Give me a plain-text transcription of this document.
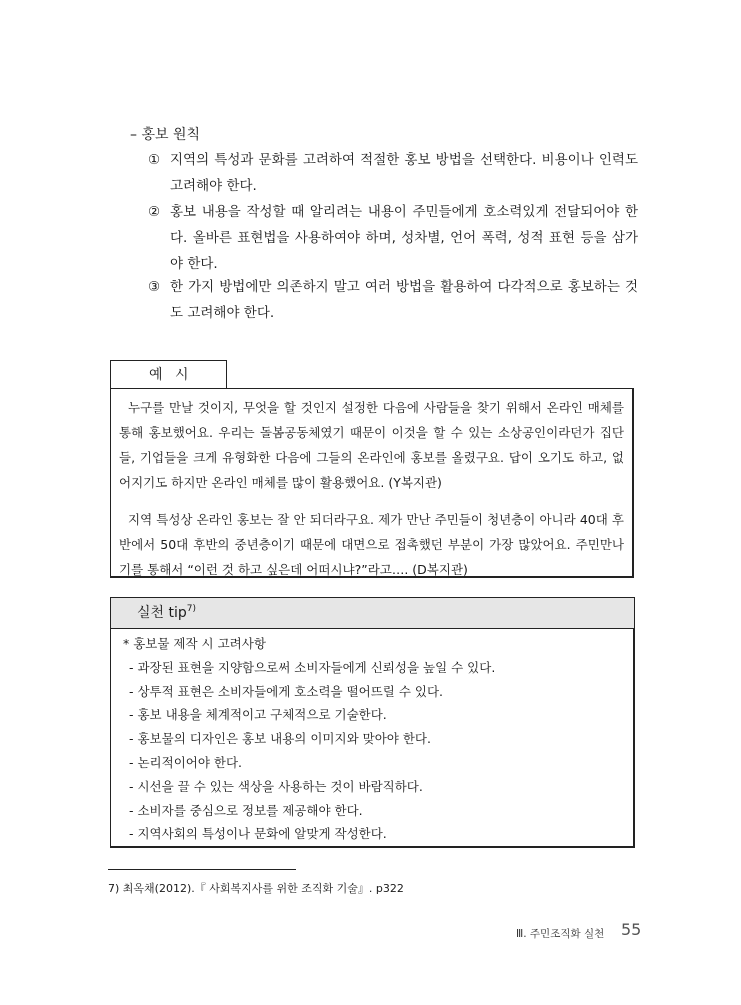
– 홍보 원칙
① 지역의 특성과 문화를 고려하여 적절한 홍보 방법을 선택한다. 비용이나 인력도 고려해야 한다.
② 홍보 내용을 작성할 때 알리려는 내용이 주민들에게 호소력있게 전달되어야 한다. 올바른 표현법을 사용하여야 하며, 성차별, 언어 폭력, 성적 표현 등을 삼가야 한다.
③ 한 가지 방법에만 의존하지 말고 여러 방법을 활용하여 다각적으로 홍보하는 것도 고려해야 한다.
예 시

누구를 만날 것이지, 무엇을 할 것인지 설정한 다음에 사람들을 찾기 위해서 온라인 매체를 통해 홍보했어요. 우리는 돌봄공동체였기 때문이 이것을 할 수 있는 소상공인이라던가 집단들, 기업들을 크게 유형화한 다음에 그들의 온라인에 홍보를 올렸구요. 답이 오기도 하고, 없어지기도 하지만 온라인 매체를 많이 활용했어요. (Y복지관)

지역 특성상 온라인 홍보는 잘 안 되더라구요. 제가 만난 주민들이 청년층이 아니라 40대 후반에서 50대 후반의 중년층이기 때문에 대면으로 접촉했던 부분이 가장 많았어요. 주민만나기를 통해서 “이런 것 하고 싶은데 어떠시냐?”라고…. (D복지관)

실천 tip$^{7)}$
* 홍보물 제작 시 고려사항
- 과장된 표현을 지양함으로써 소비자들에게 신뢰성을 높일 수 있다.
- 상투적 표현은 소비자들에게 호소력을 떨어뜨릴 수 있다.
- 홍보 내용을 체계적이고 구체적으로 기술한다.
- 홍보물의 디자인은 홍보 내용의 이미지와 맞아야 한다.
- 논리적이어야 한다.
- 시선을 끌 수 있는 색상을 사용하는 것이 바람직하다.
- 소비자를 중심으로 정보를 제공해야 한다.
- 지역사회의 특성이나 문화에 알맞게 작성한다.
7) 최옥채(2012).『 사회복지사를 위한 조직화 기술』. p322
Ⅲ. 주민조직화 실천 55
